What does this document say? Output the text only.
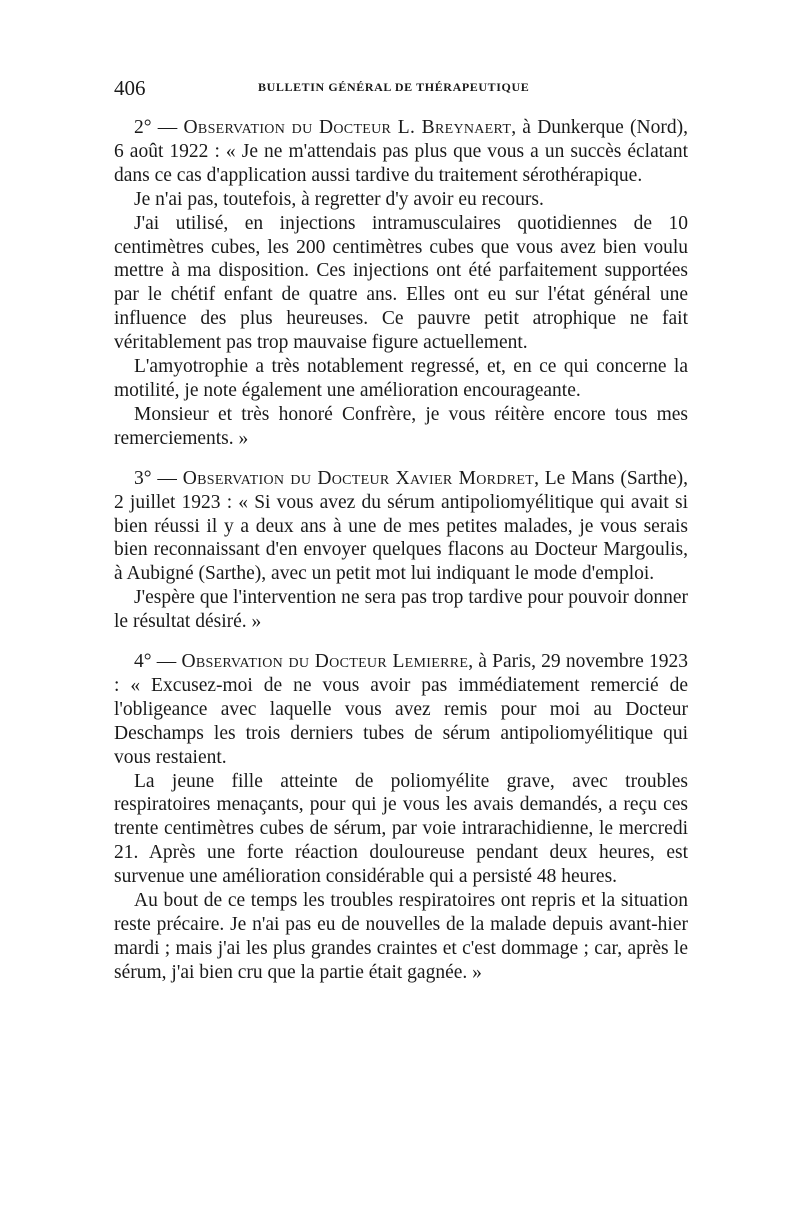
406	BULLETIN GÉNÉRAL DE THÉRAPEUTIQUE

2° — Observation du Docteur L. Breynaert, à Dunkerque (Nord), 6 août 1922 : « Je ne m'attendais pas plus que vous a un succès éclatant dans ce cas d'application aussi tardive du traitement sérothérapique.

Je n'ai pas, toutefois, à regretter d'y avoir eu recours.

J'ai utilisé, en injections intramusculaires quotidiennes de 10 centimètres cubes, les 200 centimètres cubes que vous avez bien voulu mettre à ma disposition. Ces injections ont été parfaitement supportées par le chétif enfant de quatre ans. Elles ont eu sur l'état général une influence des plus heureuses. Ce pauvre petit atrophique ne fait véritablement pas trop mauvaise figure actuellement.

L'amyotrophie a très notablement regressé, et, en ce qui concerne la motilité, je note également une amélioration encourageante.

Monsieur et très honoré Confrère, je vous réitère encore tous mes remerciements. »

3° — Observation du Docteur Xavier Mordret, Le Mans (Sarthe), 2 juillet 1923 : « Si vous avez du sérum antipoliomyélitique qui avait si bien réussi il y a deux ans à une de mes petites malades, je vous serais bien reconnaissant d'en envoyer quelques flacons au Docteur Margoulis, à Aubigné (Sarthe), avec un petit mot lui indiquant le mode d'emploi.

J'espère que l'intervention ne sera pas trop tardive pour pouvoir donner le résultat désiré. »

4° — Observation du Docteur Lemierre, à Paris, 29 novembre 1923 : « Excusez-moi de ne vous avoir pas immédiatement remercié de l'obligeance avec laquelle vous avez remis pour moi au Docteur Deschamps les trois derniers tubes de sérum antipoliomyélitique qui vous restaient.

La jeune fille atteinte de poliomyélite grave, avec troubles respiratoires menaçants, pour qui je vous les avais demandés, a reçu ces trente centimètres cubes de sérum, par voie intrarachidienne, le mercredi 21. Après une forte réaction douloureuse pendant deux heures, est survenue une amélioration considérable qui a persisté 48 heures.

Au bout de ce temps les troubles respiratoires ont repris et la situation reste précaire. Je n'ai pas eu de nouvelles de la malade depuis avant-hier mardi ; mais j'ai les plus grandes craintes et c'est dommage ; car, après le sérum, j'ai bien cru que la partie était gagnée. »
